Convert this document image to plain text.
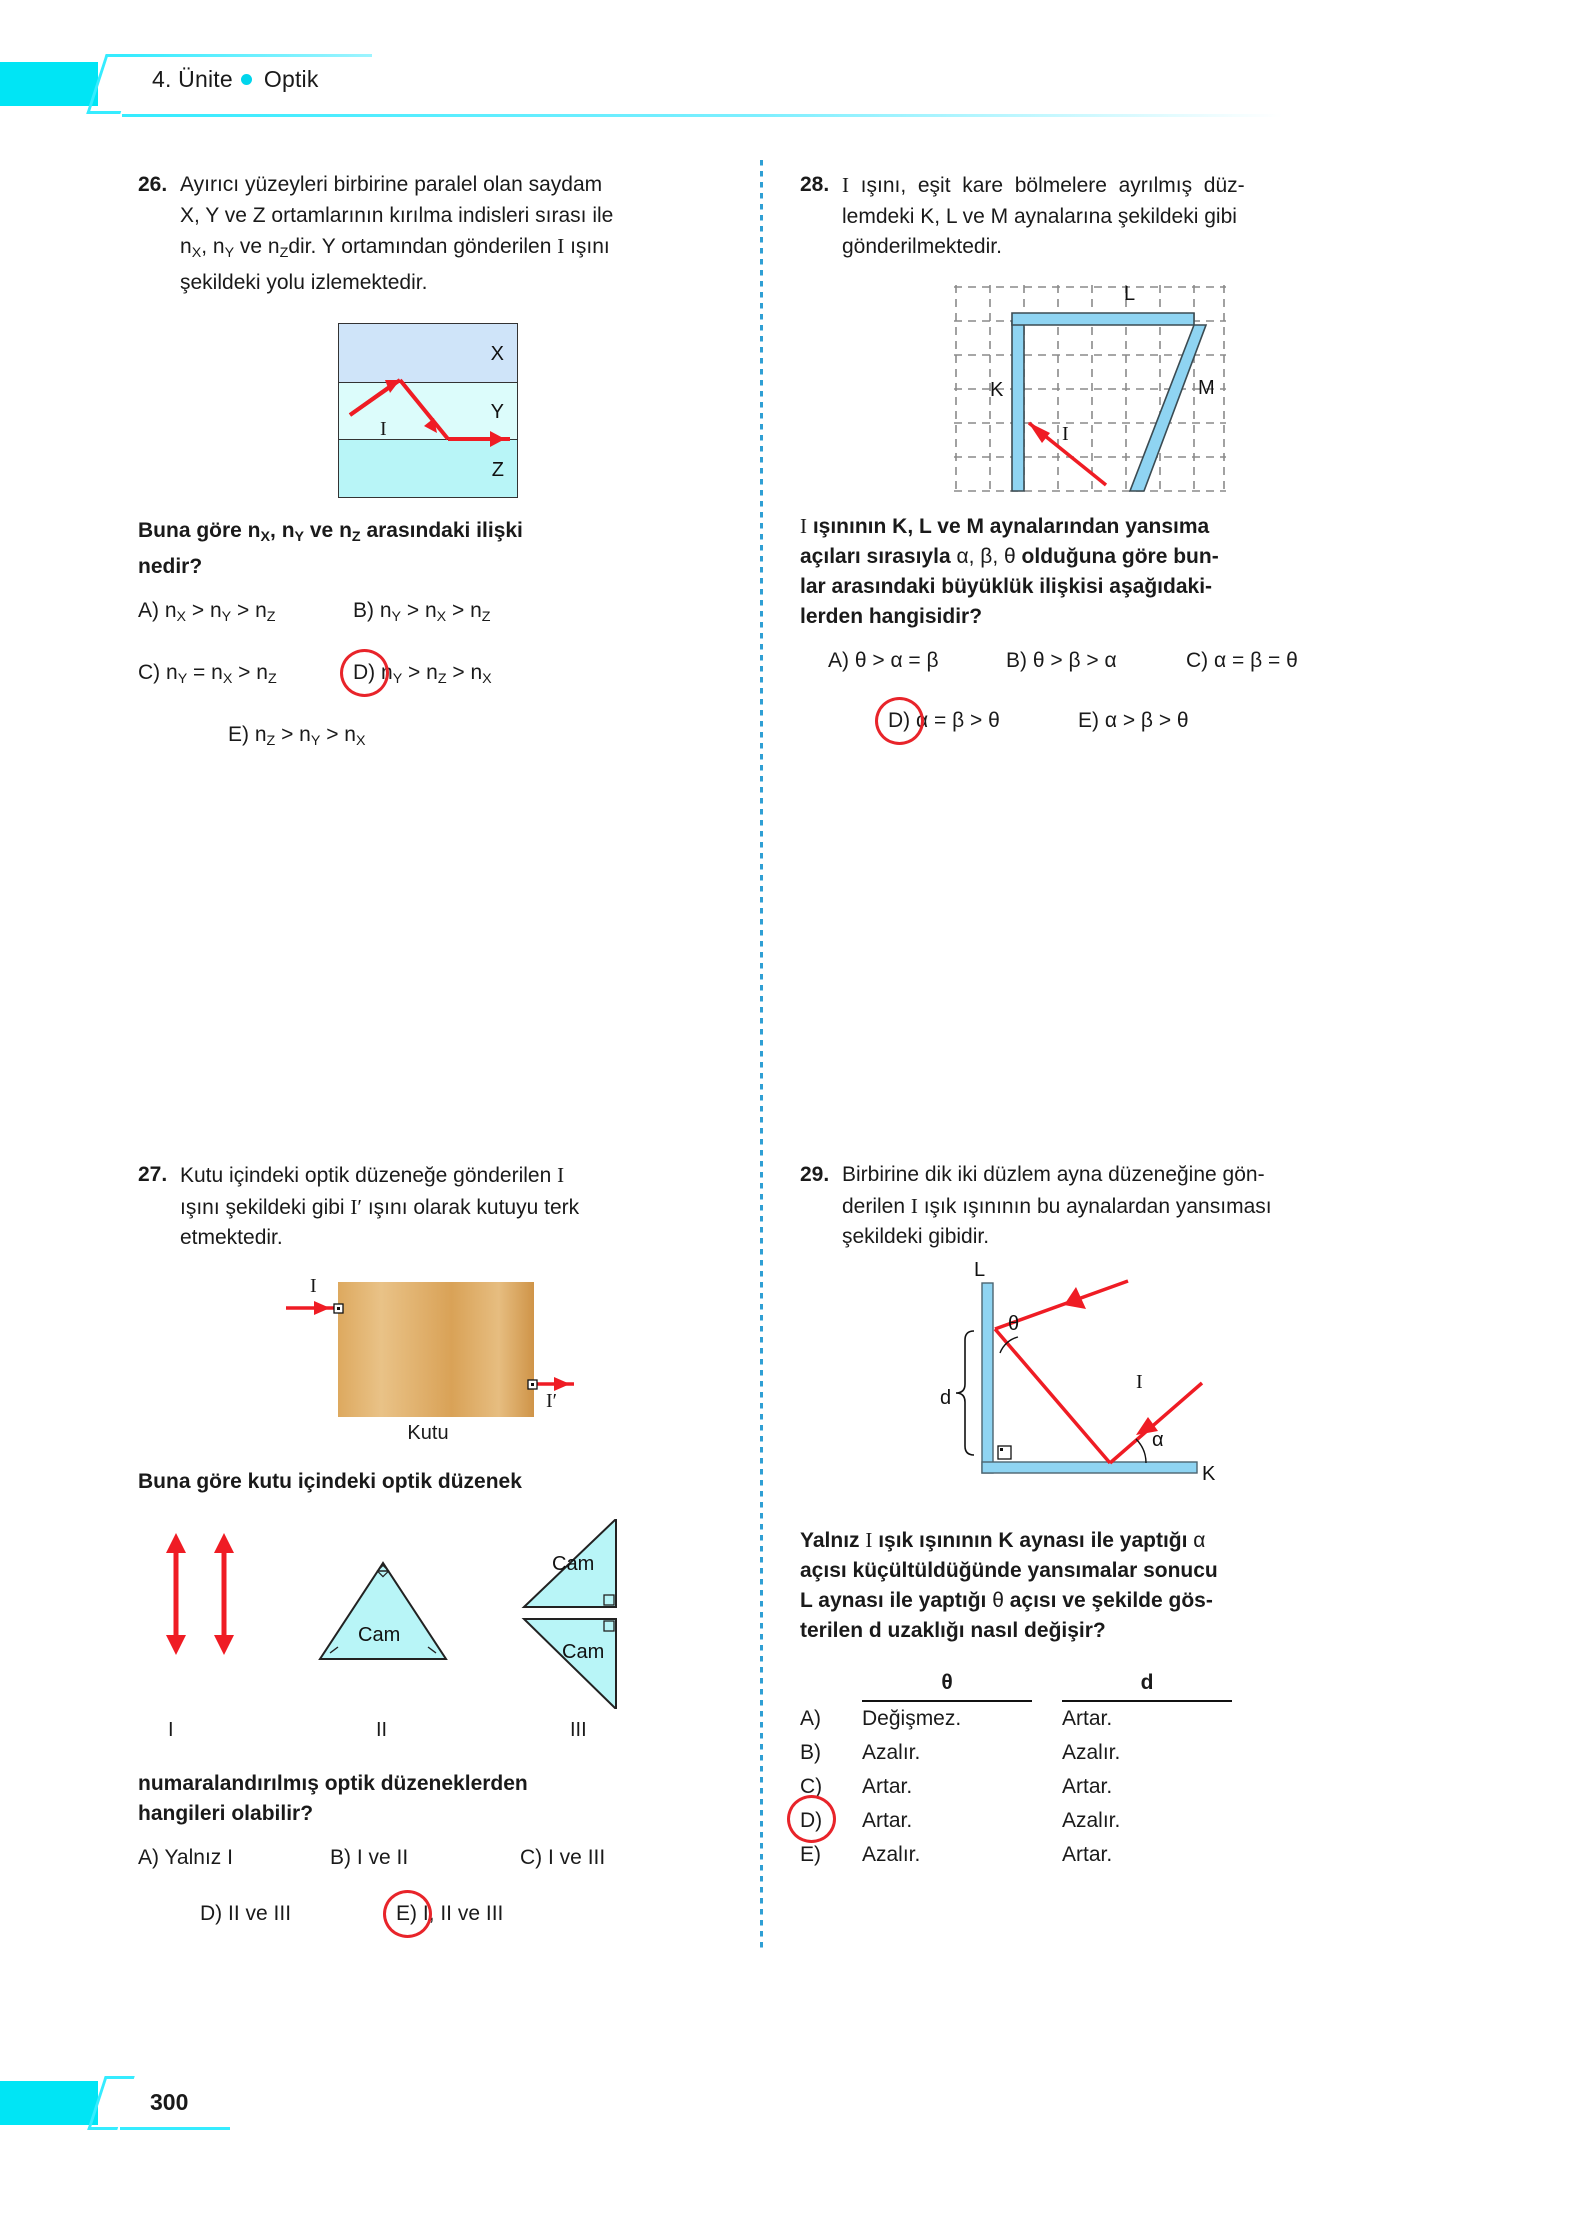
4. Ünite Optik
26. Ayırıcı yüzeyleri birbirine paralel olan saydam
X, Y ve Z ortamlarının kırılma indisleri sırası ile
$n_X$, $n_Y$ ve $n_Zdir$. Y ortamından gönderilen I ışını
şekildeki yolu izlemektedir.
X
Y
Z
I
Buna göre $n_X$, $n_Y$ ve $n_Z$ arasındaki ilişki
nedir?
A) $n_X > n_Y > n_Z$	B) $n_Y > n_X > n_Z$
C) $n_Y = n_X > n_Z$	D) $n_Y > n_Z > n_X$
E) $n_Z > n_Y > n_X$
28. I  ışını,  eşit  kare  bölmelere  ayrılmış  düz-
lemdeki K, L ve M aynalarına şekildeki gibi
gönderilmektedir.
L
K	M
I
I ışınının K, L ve M aynalarından yansıma
açıları sırasıyla α, β, θ olduğuna göre bun-
lar arasındaki büyüklük ilişkisi aşağıdaki-
lerden hangisidir?
A) θ > α = β	B) θ > β > α	C) α = β = θ
D) α = β > θ	E) α > β > θ
27. Kutu içindeki optik düzeneğe gönderilen I
ışını şekildeki gibi I′ ışını olarak kutuyu terk
etmektedir.
I
I′
Kutu
Buna göre kutu içindeki optik düzenek
Cam
Cam
Cam
I	II	III
numaralandırılmış optik düzeneklerden
hangileri olabilir?
A) Yalnız I	B) I ve II	C) I ve III
D) II ve III	E) I, II ve III
29. Birbirine dik iki düzlem ayna düzeneğine gön-
derilen I ışık ışınının bu aynalardan yansıması
şekildeki gibidir.
L
K
θ
α
I
d
Yalnız I ışık ışınının K aynası ile yaptığı α
açısı küçültüldüğünde yansımalar sonucu
L aynası ile yaptığı θ açısı ve şekilde gös-
terilen d uzaklığı nasıl değişir?
θ	d
A)	Değişmez.	Artar.
B)	Azalır.	Azalır.
C)	Artar.	Artar.
D)	Artar.	Azalır.
E)	Azalır.	Artar.
300
